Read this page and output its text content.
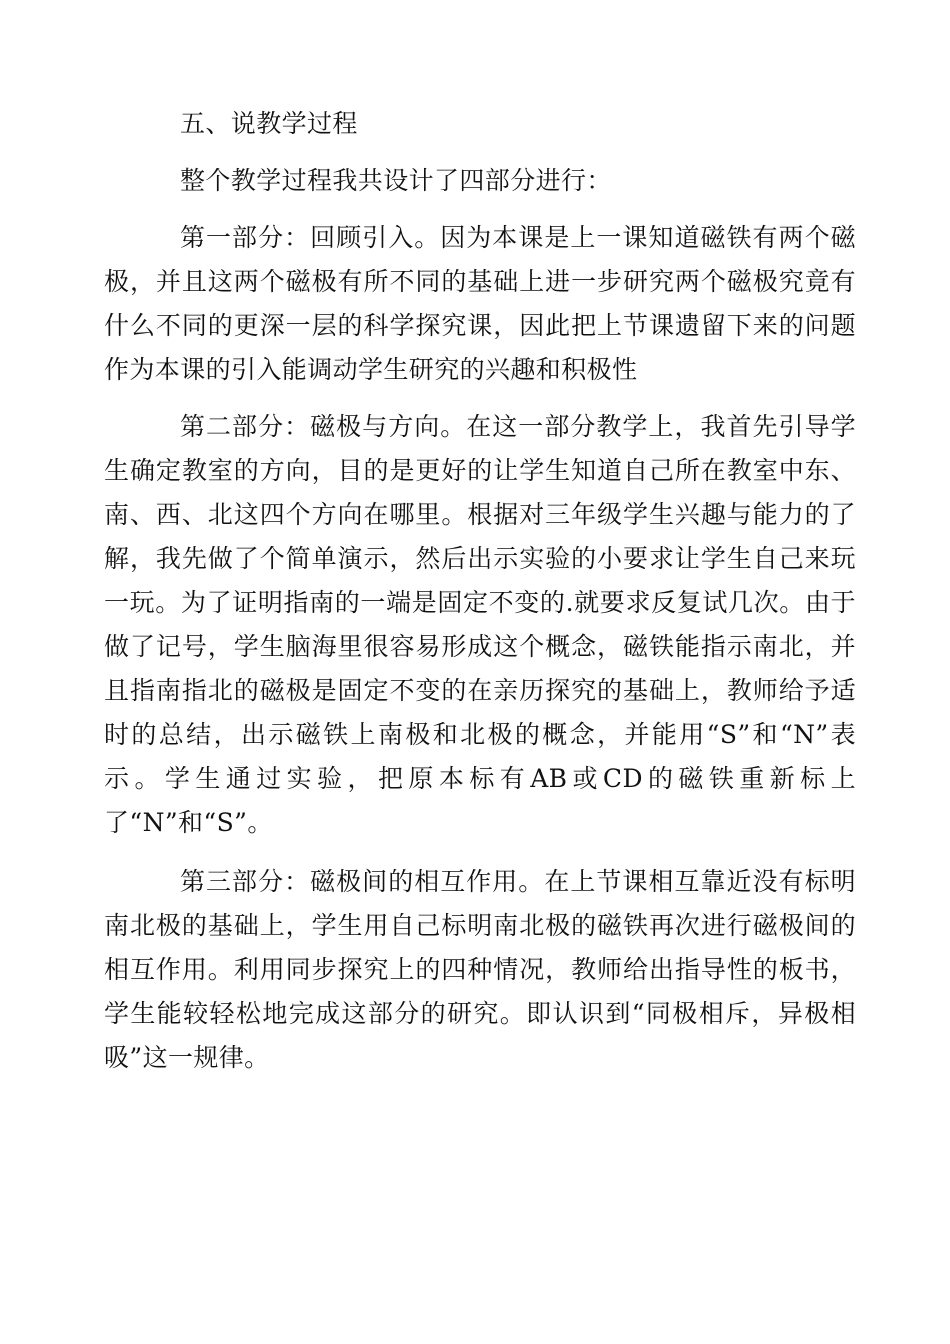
五、说教学过程

整个教学过程我共设计了四部分进行：

第一部分：回顾引入。因为本课是上一课知道磁铁有两个磁极，并且这两个磁极有所不同的基础上进一步研究两个磁极究竟有什么不同的更深一层的科学探究课，因此把上节课遗留下来的问题作为本课的引入能调动学生研究的兴趣和积极性

第二部分：磁极与方向。在这一部分教学上，我首先引导学生确定教室的方向，目的是更好的让学生知道自己所在教室中东、南、西、北这四个方向在哪里。根据对三年级学生兴趣与能力的了解，我先做了个简单演示，然后出示实验的小要求让学生自己来玩一玩。为了证明指南的一端是固定不变的.就要求反复试几次。由于做了记号，学生脑海里很容易形成这个概念，磁铁能指示南北，并且指南指北的磁极是固定不变的在亲历探究的基础上，教师给予适时的总结，出示磁铁上南极和北极的概念，并能用“S”和“N”表示。学生通过实验，把原本标有AB或CD的磁铁重新标上了“N”和“S”。

第三部分：磁极间的相互作用。在上节课相互靠近没有标明南北极的基础上，学生用自己标明南北极的磁铁再次进行磁极间的相互作用。利用同步探究上的四种情况，教师给出指导性的板书，学生能较轻松地完成这部分的研究。即认识到“同极相斥，异极相吸”这一规律。
